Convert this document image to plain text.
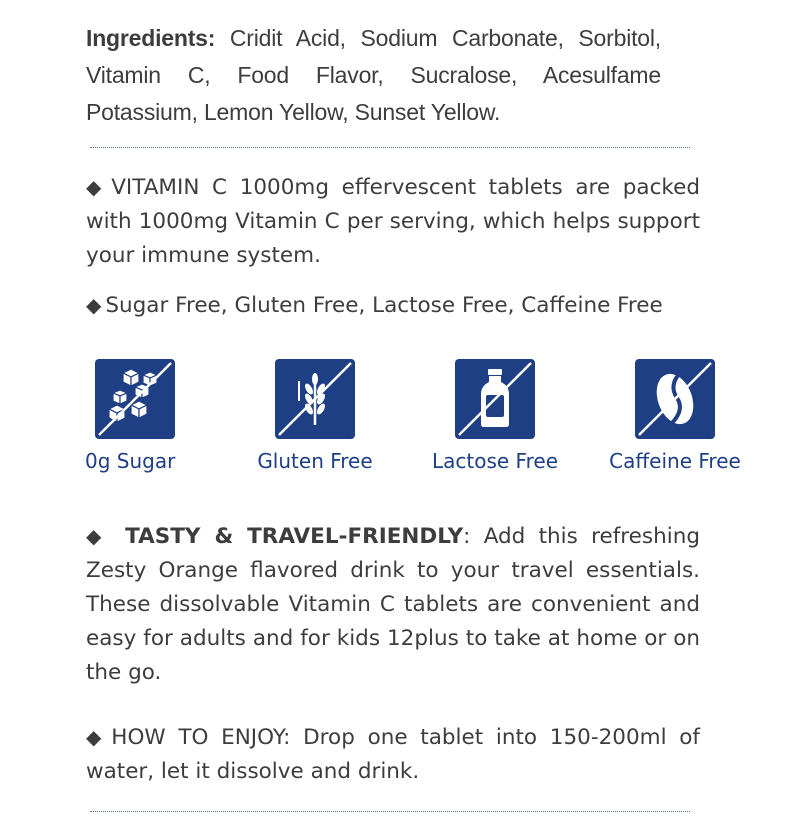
Ingredients: Cridit Acid, Sodium Carbonate, Sorbitol, Vitamin C, Food Flavor, Sucralose, Acesulfame Potassium, Lemon Yellow, Sunset Yellow.
◆ VITAMIN C 1000mg effervescent tablets are packed with 1000mg Vitamin C per serving, which helps support your immune system.
◆ Sugar Free, Gluten Free, Lactose Free, Caffeine Free
0g Sugar	Gluten Free	Lactose Free	Caffeine Free
◆ TASTY & TRAVEL-FRIENDLY: Add this refreshing Zesty Orange flavored drink to your travel essentials. These dissolvable Vitamin C tablets are convenient and easy for adults and for kids 12plus to take at home or on the go.
◆ HOW TO ENJOY: Drop one tablet into 150-200ml of water, let it dissolve and drink.
